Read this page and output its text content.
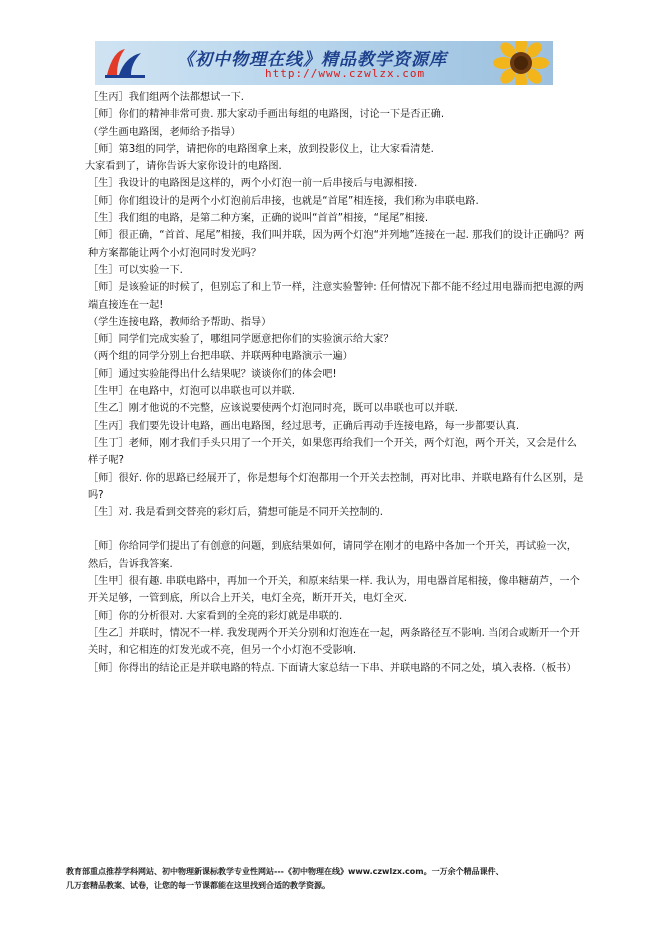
《初中物理在线》精品教学资源库
http://www.czwlzx.com

［生丙］我们组两个法都想试一下.

［师］你们的精神非常可贵. 那大家动手画出每组的电路图，讨论一下是否正确.

（学生画电路图，老师给予指导）

［师］第3组的同学，请把你的电路图拿上来，放到投影仪上，让大家看清楚.

大家看到了，请你告诉大家你设计的电路图.

［生］我设计的电路图是这样的，两个小灯泡一前一后串接后与电源相接.

［师］你们组设计的是两个小灯泡前后串接，也就是“首尾”相连接，我们称为串联电路.

［生］我们组的电路，是第二种方案，正确的说叫“首首”相接，“尾尾”相接.

［师］很正确，“首首、尾尾”相接，我们叫并联，因为两个灯泡“并列地”连接在一起. 那我们的设计正确吗？两种方案都能让两个小灯泡同时发光吗？

［生］可以实验一下.

［师］是该验证的时候了，但别忘了和上节一样，注意实验警钟: 任何情况下都不能不经过用电器而把电源的两端直接连在一起!

（学生连接电路，教师给予帮助、指导）

［师］同学们完成实验了，哪组同学愿意把你们的实验演示给大家？

（两个组的同学分别上台把串联、并联两种电路演示一遍）

［师］通过实验能得出什么结果呢？谈谈你们的体会吧!

［生甲］在电路中，灯泡可以串联也可以并联.

［生乙］刚才他说的不完整，应该说要使两个灯泡同时亮，既可以串联也可以并联.

［生丙］我们要先设计电路，画出电路图，经过思考，正确后再动手连接电路，每一步都要认真.

［生丁］老师，刚才我们手头只用了一个开关，如果您再给我们一个开关，两个灯泡，两个开关，又会是什么样子呢?

［师］很好. 你的思路已经展开了，你是想每个灯泡都用一个开关去控制，再对比串、并联电路有什么区别，是吗?

［生］对. 我是看到交替亮的彩灯后，猜想可能是不同开关控制的.

［师］你给同学们提出了有创意的问题，到底结果如何，请同学在刚才的电路中各加一个开关，再试验一次，然后，告诉我答案.

［生甲］很有趣. 串联电路中，再加一个开关，和原来结果一样. 我认为，用电器首尾相接，像串糖葫芦，一个开关足够，一管到底，所以合上开关，电灯全亮，断开开关，电灯全灭.

［师］你的分析很对. 大家看到的全亮的彩灯就是串联的.

［生乙］并联时，情况不一样. 我发现两个开关分别和灯泡连在一起，两条路径互不影响. 当闭合或断开一个开关时，和它相连的灯发光或不亮，但另一个小灯泡不受影响.

［师］你得出的结论正是并联电路的特点. 下面请大家总结一下串、并联电路的不同之处，填入表格.（板书）

教育部重点推荐学科网站、初中物理新课标教学专业性网站---《初中物理在线》www.czwlzx.com。一万余个精品课件、
几万套精品教案、试卷，让您的每一节课都能在这里找到合适的教学资源。
